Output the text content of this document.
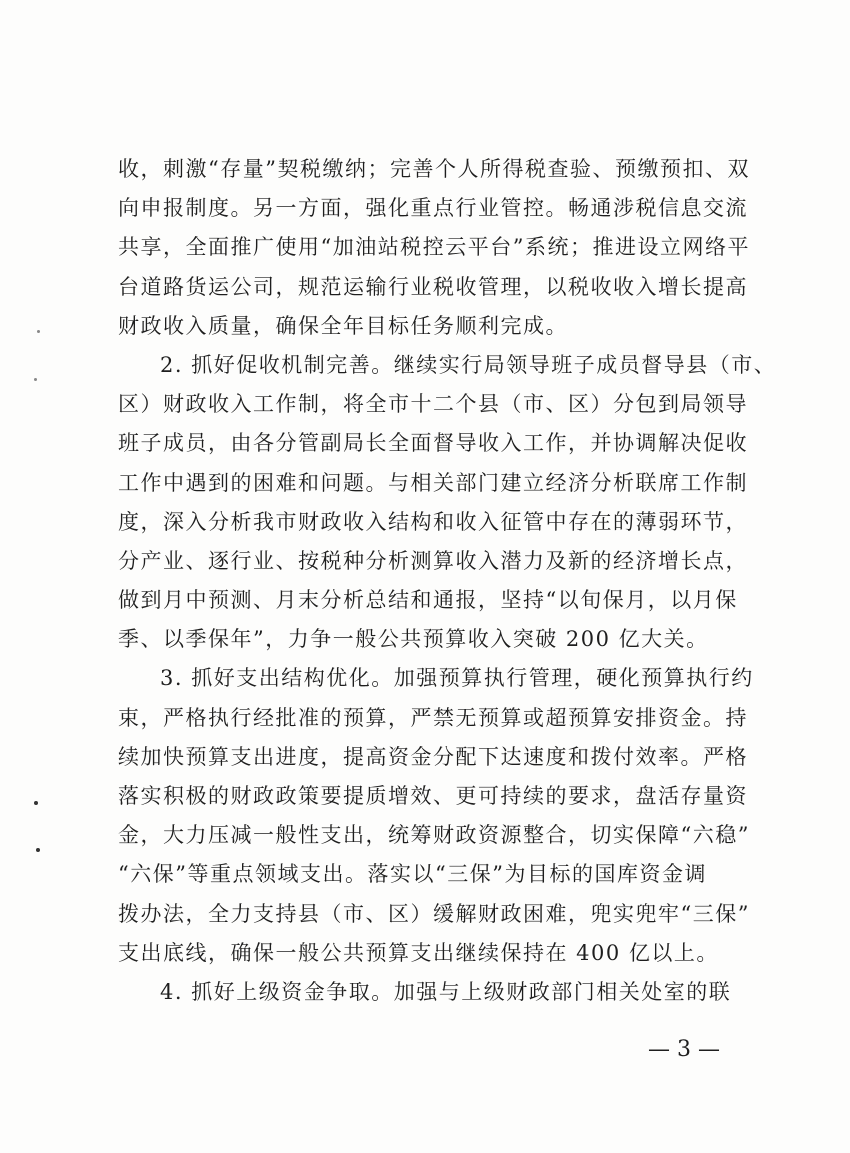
收，刺激“存量”契税缴纳；完善个人所得税查验、预缴预扣、双
向申报制度。另一方面，强化重点行业管控。畅通涉税信息交流
共享，全面推广使用“加油站税控云平台”系统；推进设立网络平
台道路货运公司，规范运输行业税收管理，以税收收入增长提高
财政收入质量，确保全年目标任务顺利完成。
2. 抓好促收机制完善。继续实行局领导班子成员督导县（市、
区）财政收入工作制，将全市十二个县（市、区）分包到局领导
班子成员，由各分管副局长全面督导收入工作，并协调解决促收
工作中遇到的困难和问题。与相关部门建立经济分析联席工作制
度，深入分析我市财政收入结构和收入征管中存在的薄弱环节，
分产业、逐行业、按税种分析测算收入潜力及新的经济增长点，
做到月中预测、月末分析总结和通报，坚持“以旬保月，以月保
季、以季保年”，力争一般公共预算收入突破 200 亿大关。
3. 抓好支出结构优化。加强预算执行管理，硬化预算执行约
束，严格执行经批准的预算，严禁无预算或超预算安排资金。持
续加快预算支出进度，提高资金分配下达速度和拨付效率。严格
落实积极的财政政策要提质增效、更可持续的要求，盘活存量资
金，大力压减一般性支出，统筹财政资源整合，切实保障“六稳”
“六保”等重点领域支出。落实以“三保”为目标的国库资金调
拨办法，全力支持县（市、区）缓解财政困难，兜实兜牢“三保”
支出底线，确保一般公共预算支出继续保持在 400 亿以上。
4. 抓好上级资金争取。加强与上级财政部门相关处室的联
— 3 —
